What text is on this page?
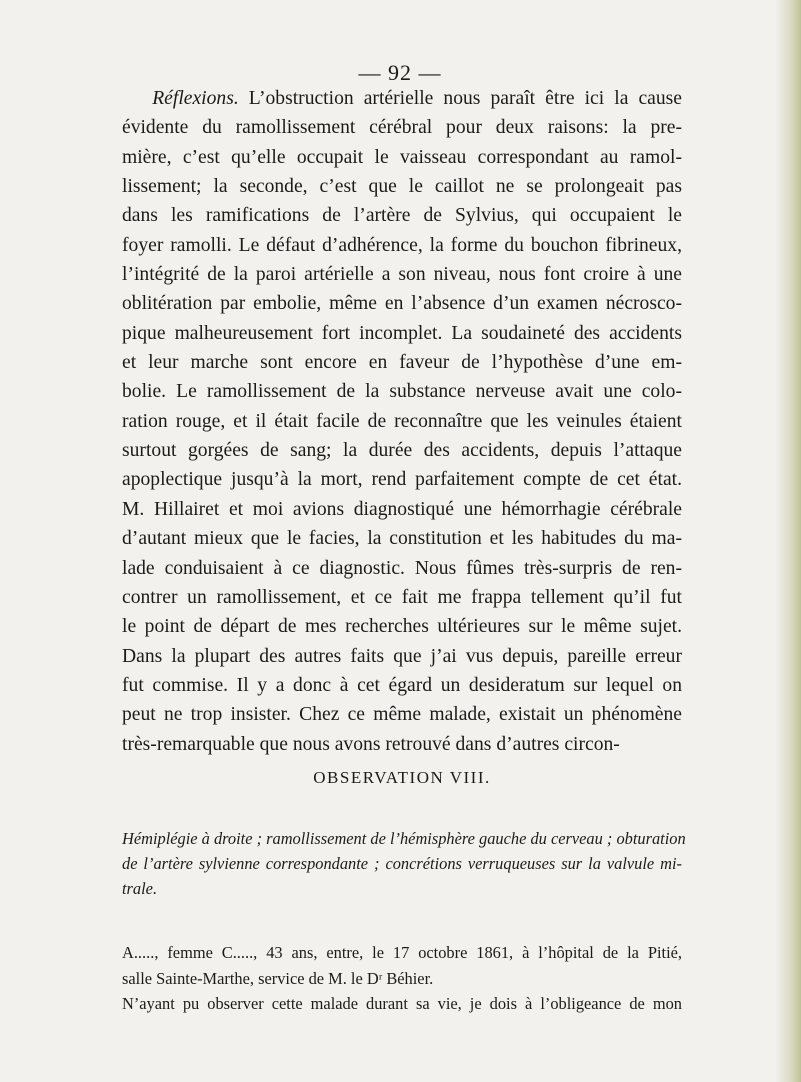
— 92 —
Réflexions. L’obstruction artérielle nous paraît être ici la cause
évidente du ramollissement cérébral pour deux raisons: la pre-
mière, c’est qu’elle occupait le vaisseau correspondant au ramol-
lissement; la seconde, c’est que le caillot ne se prolongeait pas
dans les ramifications de l’artère de Sylvius, qui occupaient le
foyer ramolli. Le défaut d’adhérence, la forme du bouchon fibrineux,
l’intégrité de la paroi artérielle a son niveau, nous font croire à une
oblitération par embolie, même en l’absence d’un examen nécrosco-
pique malheureusement fort incomplet. La soudaineté des accidents
et leur marche sont encore en faveur de l’hypothèse d’une em-
bolie. Le ramollissement de la substance nerveuse avait une colo-
ration rouge, et il était facile de reconnaître que les veinules étaient
surtout gorgées de sang; la durée des accidents, depuis l’attaque
apoplectique jusqu’à la mort, rend parfaitement compte de cet état.
M. Hillairet et moi avions diagnostiqué une hémorrhagie cérébrale
d’autant mieux que le facies, la constitution et les habitudes du ma-
lade conduisaient à ce diagnostic. Nous fûmes très-surpris de ren-
contrer un ramollissement, et ce fait me frappa tellement qu’il fut
le point de départ de mes recherches ultérieures sur le même sujet.
Dans la plupart des autres faits que j’ai vus depuis, pareille erreur
fut commise. Il y a donc à cet égard un desideratum sur lequel on
peut ne trop insister. Chez ce même malade, existait un phénomène
très-remarquable que nous avons retrouvé dans d’autres circon-
OBSERVATION VIII.
Hémiplégie à droite ; ramollissement de l’hémisphère gauche du cerveau ; obturation
de l’artère sylvienne correspondante ; concrétions verruqueuses sur la valvule mi-
trale.
A....., femme C....., 43 ans, entre, le 17 octobre 1861, à l’hôpital de la Pitié,
salle Sainte-Marthe, service de M. le Dʳ Béhier.
N’ayant pu observer cette malade durant sa vie, je dois à l’obligeance de mon
